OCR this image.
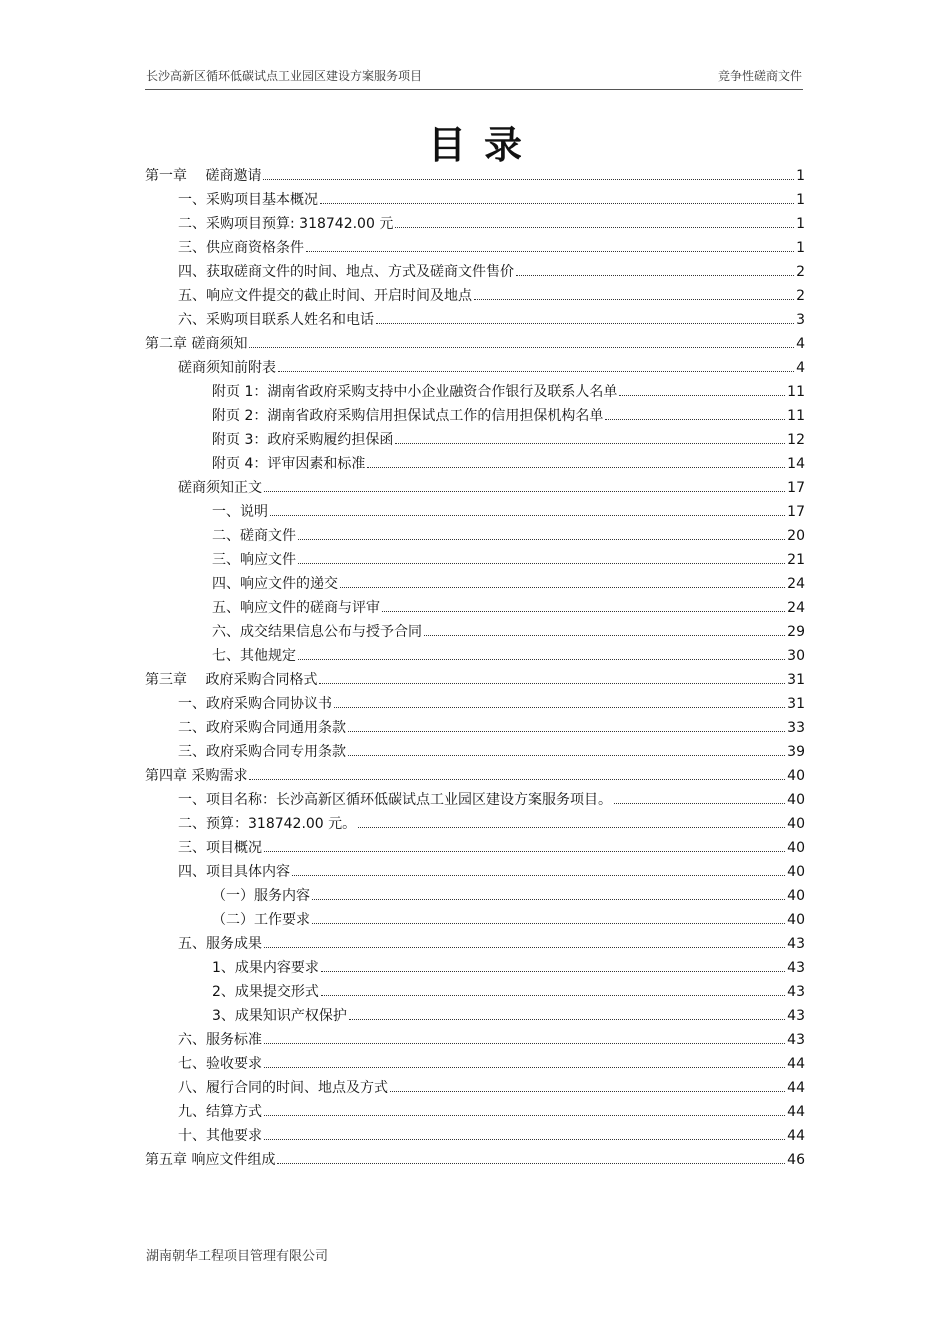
长沙高新区循环低碳试点工业园区建设方案服务项目	竞争性磋商文件
目录
第一章　 磋商邀请	1
一、采购项目基本概况	1
二、采购项目预算: 318742.00 元	1
三、供应商资格条件	1
四、获取磋商文件的时间、地点、方式及磋商文件售价	2
五、响应文件提交的截止时间、开启时间及地点	2
六、采购项目联系人姓名和电话	3
第二章 磋商须知	4
磋商须知前附表	4
附页 1：湖南省政府采购支持中小企业融资合作银行及联系人名单	11
附页 2：湖南省政府采购信用担保试点工作的信用担保机构名单	11
附页 3：政府采购履约担保函	12
附页 4：评审因素和标准	14
磋商须知正文	17
一、说明	17
二、磋商文件	20
三、响应文件	21
四、响应文件的递交	24
五、响应文件的磋商与评审	24
六、成交结果信息公布与授予合同	29
七、其他规定	30
第三章　 政府采购合同格式	31
一、政府采购合同协议书	31
二、政府采购合同通用条款	33
三、政府采购合同专用条款	39
第四章 采购需求	40
一、项目名称：长沙高新区循环低碳试点工业园区建设方案服务项目。	40
二、预算：318742.00 元。	40
三、项目概况	40
四、项目具体内容	40
（一）服务内容	40
（二）工作要求	40
五、服务成果	43
1、成果内容要求	43
2、成果提交形式	43
3、成果知识产权保护	43
六、服务标准	43
七、验收要求	44
八、履行合同的时间、地点及方式	44
九、结算方式	44
十、其他要求	44
第五章 响应文件组成	46
湖南朝华工程项目管理有限公司
